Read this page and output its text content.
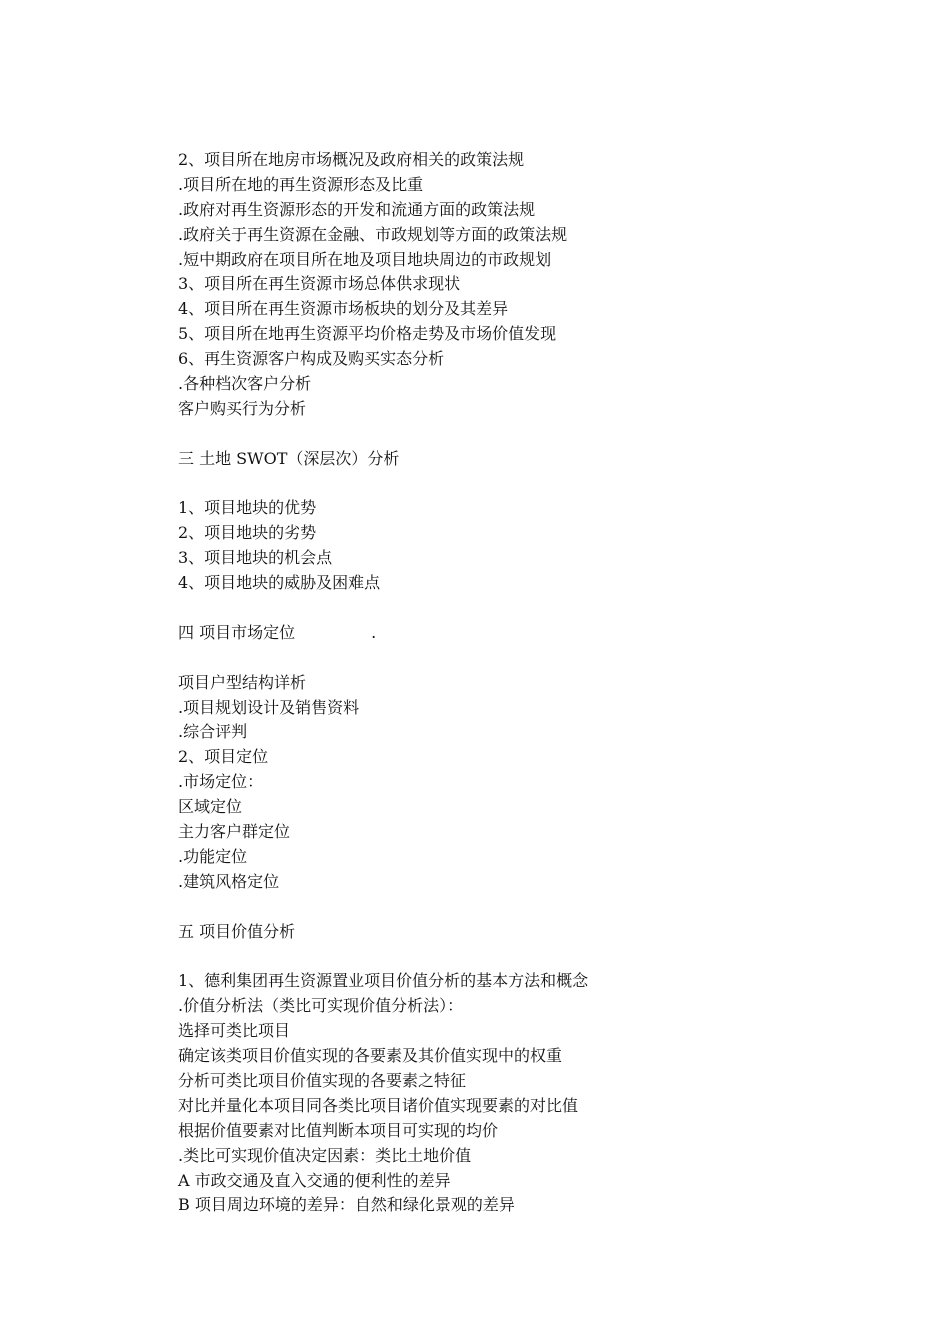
2、项目所在地房市场概况及政府相关的政策法规
.项目所在地的再生资源形态及比重
.政府对再生资源形态的开发和流通方面的政策法规
.政府关于再生资源在金融、市政规划等方面的政策法规
.短中期政府在项目所在地及项目地块周边的市政规划
3、项目所在再生资源市场总体供求现状
4、项目所在再生资源市场板块的划分及其差异
5、项目所在地再生资源平均价格走势及市场价值发现
6、再生资源客户构成及购买实态分析
.各种档次客户分析
客户购买行为分析
三 土地 SWOT（深层次）分析
1、项目地块的优势
2、项目地块的劣势
3、项目地块的机会点
4、项目地块的威胁及困难点
四 项目市场定位	.
项目户型结构详析
.项目规划设计及销售资料
.综合评判
2、项目定位
.市场定位：
区域定位
主力客户群定位
.功能定位
.建筑风格定位
五 项目价值分析
1、德利集团再生资源置业项目价值分析的基本方法和概念
.价值分析法（类比可实现价值分析法）：
选择可类比项目
确定该类项目价值实现的各要素及其价值实现中的权重
分析可类比项目价值实现的各要素之特征
对比并量化本项目同各类比项目诸价值实现要素的对比值
根据价值要素对比值判断本项目可实现的均价
.类比可实现价值决定因素：类比土地价值
A 市政交通及直入交通的便利性的差异
B 项目周边环境的差异：自然和绿化景观的差异
